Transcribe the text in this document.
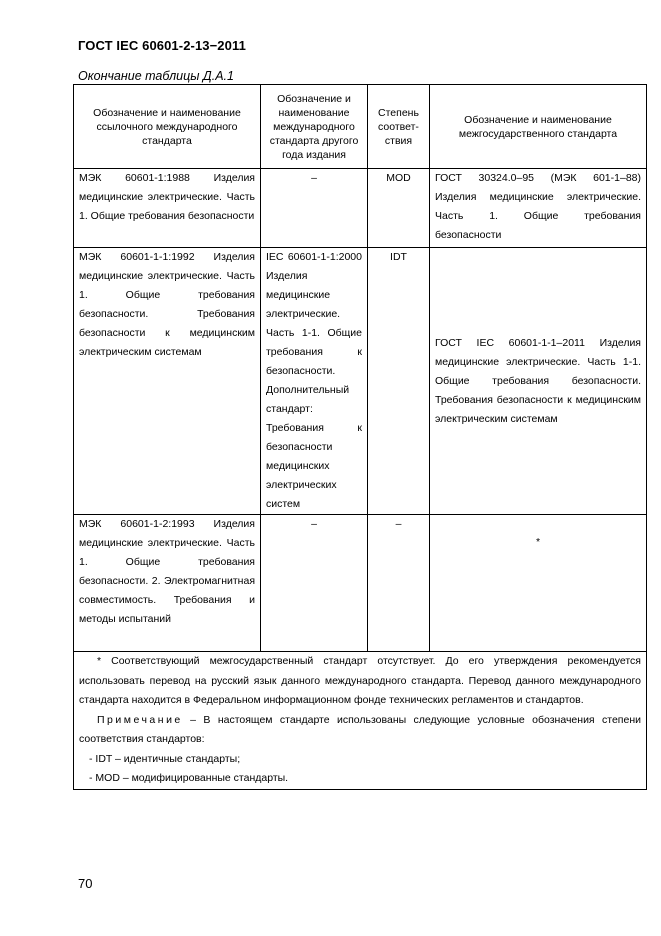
ГОСТ IEC 60601-2-13−2011
Окончание таблицы Д.А.1
Обозначение и наименование ссылочного международного стандарта	Обозначение и наименование международного стандарта другого года издания	Степень соответ-ствия	Обозначение и наименование межгосударственного стандарта
МЭК 60601-1:1988 Изделия медицинские электрические. Часть 1. Общие требования безопасности	–	MOD	ГОСТ 30324.0–95 (МЭК 601-1–88) Изделия медицинские электрические. Часть 1. Общие требования безопасности
МЭК 60601-1-1:1992 Изделия медицинские электрические. Часть 1. Общие требования безопасности. Требования безопасности к медицинским электрическим системам	IEC 60601-1-1:2000 Изделия медицинские электрические. Часть 1-1. Общие требования к безопасности. Дополнительный стандарт: Требования к безопасности медицинских электрических систем	IDT	ГОСТ IEC 60601-1-1–2011 Изделия медицинские электрические. Часть 1-1. Общие требования безопасности. Требования безопасности к медицинским электрическим системам
МЭК 60601-1-2:1993 Изделия медицинские электрические. Часть 1. Общие требования безопасности. 2. Электромагнитная совместимость. Требования и методы испытаний	–	–	*

* Соответствующий межгосударственный стандарт отсутствует. До его утверждения рекомендуется использовать перевод на русский язык данного международного стандарта. Перевод данного международного стандарта находится в Федеральном информационном фонде технических регламентов и стандартов.

Примечание – В настоящем стандарте использованы следующие условные обозначения степени соответствия стандартов:

- IDT – идентичные стандарты;

- MOD – модифицированные стандарты.			

70
